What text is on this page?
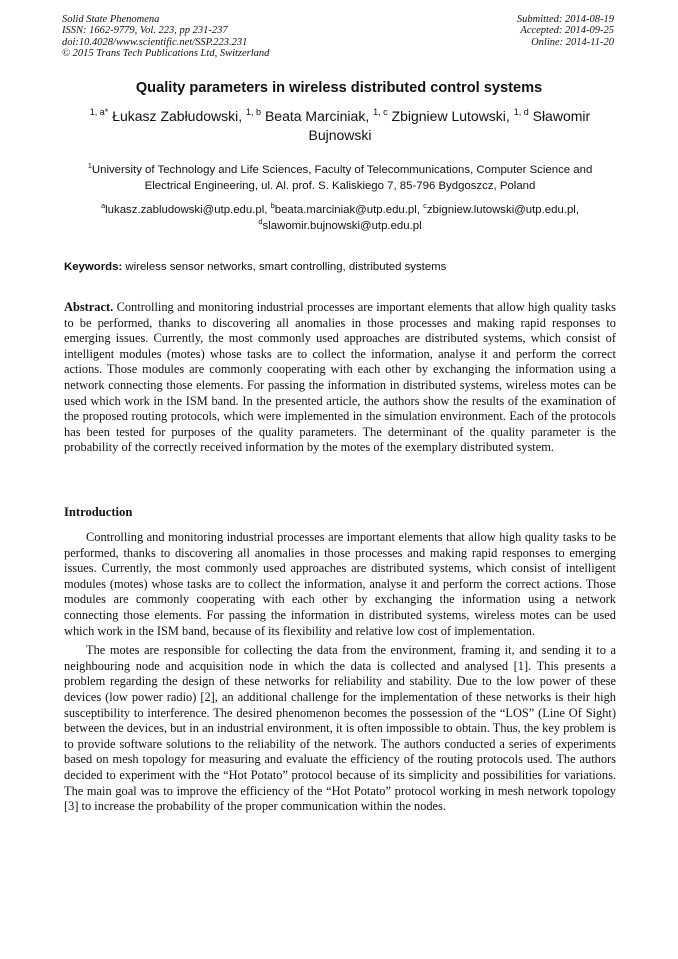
Solid State Phenomena
ISSN: 1662-9779, Vol. 223, pp 231-237
doi:10.4028/www.scientific.net/SSP.223.231
© 2015 Trans Tech Publications Ltd, Switzerland
Submitted: 2014-08-19
Accepted: 2014-09-25
Online: 2014-11-20
Quality parameters in wireless distributed control systems
$^{1, a*}$ Łukasz Zabłudowski, $^{1, b}$ Beata Marciniak, $^{1, c}$ Zbigniew Lutowski, $^{1, d}$ Sławomir Bujnowski
$^1$University of Technology and Life Sciences, Faculty of Telecommunications, Computer Science and Electrical Engineering, ul. Al. prof. S. Kaliskiego 7, 85-796 Bydgoszcz, Poland
$^a$lukasz.zabludowski@utp.edu.pl, $^b$beata.marciniak@utp.edu.pl, $^c$zbigniew.lutowski@utp.edu.pl,
$^d$slawomir.bujnowski@utp.edu.pl
Keywords: wireless sensor networks, smart controlling, distributed systems

Abstract. Controlling and monitoring industrial processes are important elements that allow high quality tasks to be performed, thanks to discovering all anomalies in those processes and making rapid responses to emerging issues. Currently, the most commonly used approaches are distributed systems, which consist of intelligent modules (motes) whose tasks are to collect the information, analyse it and perform the correct actions. Those modules are commonly cooperating with each other by exchanging the information using a network connecting those elements. For passing the information in distributed systems, wireless motes can be used which work in the ISM band. In the presented article, the authors show the results of the examination of the proposed routing protocols, which were implemented in the simulation environment. Each of the protocols has been tested for purposes of the quality parameters. The determinant of the quality parameter is the probability of the correctly received information by the motes of the exemplary distributed system.

Introduction

Controlling and monitoring industrial processes are important elements that allow high quality tasks to be performed, thanks to discovering all anomalies in those processes and making rapid responses to emerging issues. Currently, the most commonly used approaches are distributed systems, which consist of intelligent modules (motes) whose tasks are to collect the information, analyse it and perform the correct actions. Those modules are commonly cooperating with each other by exchanging the information using a network connecting those elements. For passing the information in distributed systems, wireless motes can be used which work in the ISM band, because of its flexibility and relative low cost of implementation.

The motes are responsible for collecting the data from the environment, framing it, and sending it to a neighbouring node and acquisition node in which the data is collected and analysed [1]. This presents a problem regarding the design of these networks for reliability and stability. Due to the low power of these devices (low power radio) [2], an additional challenge for the implementation of these networks is their high susceptibility to interference. The desired phenomenon becomes the possession of the “LOS” (Line Of Sight) between the devices, but in an industrial environment, it is often impossible to obtain. Thus, the key problem is to provide software solutions to the reliability of the network. The authors conducted a series of experiments based on mesh topology for measuring and evaluate the efficiency of the routing protocols used. The authors decided to experiment with the “Hot Potato” protocol because of its simplicity and possibilities for variations. The main goal was to improve the efficiency of the “Hot Potato” protocol working in mesh network topology [3] to increase the probability of the proper communication within the nodes.
